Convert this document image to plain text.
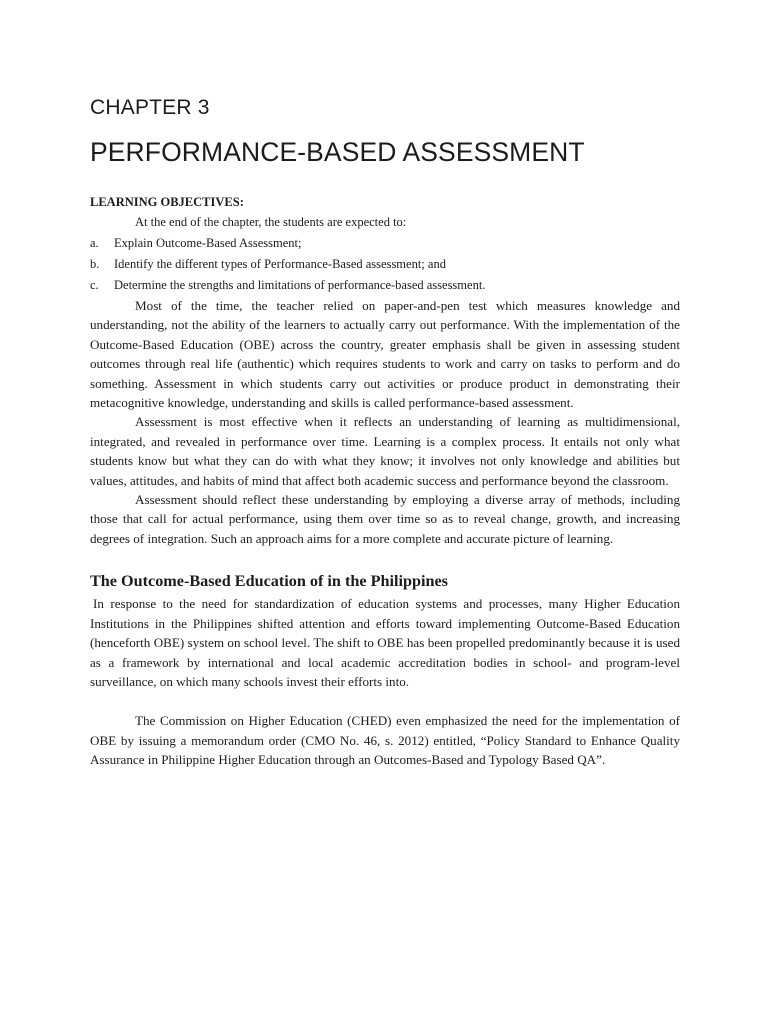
CHAPTER 3
PERFORMANCE-BASED ASSESSMENT
LEARNING OBJECTIVES:
At the end of the chapter, the students are expected to:
a.	Explain Outcome-Based Assessment;
b.	Identify the different types of Performance-Based assessment; and
c.	Determine the strengths and limitations of performance-based assessment.

Most of the time, the teacher relied on paper-and-pen test which measures knowledge and understanding, not the ability of the learners to actually carry out performance. With the implementation of the Outcome-Based Education (OBE) across the country, greater emphasis shall be given in assessing student outcomes through real life (authentic) which requires students to work and carry on tasks to perform and do something. Assessment in which students carry out activities or produce product in demonstrating their metacognitive knowledge, understanding and skills is called performance-based assessment.

Assessment is most effective when it reflects an understanding of learning as multidimensional, integrated, and revealed in performance over time. Learning is a complex process. It entails not only what students know but what they can do with what they know; it involves not only knowledge and abilities but values, attitudes, and habits of mind that affect both academic success and performance beyond the classroom.

Assessment should reflect these understanding by employing a diverse array of methods, including those that call for actual performance, using them over time so as to reveal change, growth, and increasing degrees of integration. Such an approach aims for a more complete and accurate picture of learning.

The Outcome-Based Education of in the Philippines

In response to the need for standardization of education systems and processes, many Higher Education Institutions in the Philippines shifted attention and efforts toward implementing Outcome-Based Education (henceforth OBE) system on school level. The shift to OBE has been propelled predominantly because it is used as a framework by international and local academic accreditation bodies in school- and program-level surveillance, on which many schools invest their efforts into.

The Commission on Higher Education (CHED) even emphasized the need for the implementation of OBE by issuing a memorandum order (CMO No. 46, s. 2012) entitled, “Policy Standard to Enhance Quality Assurance in Philippine Higher Education through an Outcomes-Based and Typology Based QA”.
